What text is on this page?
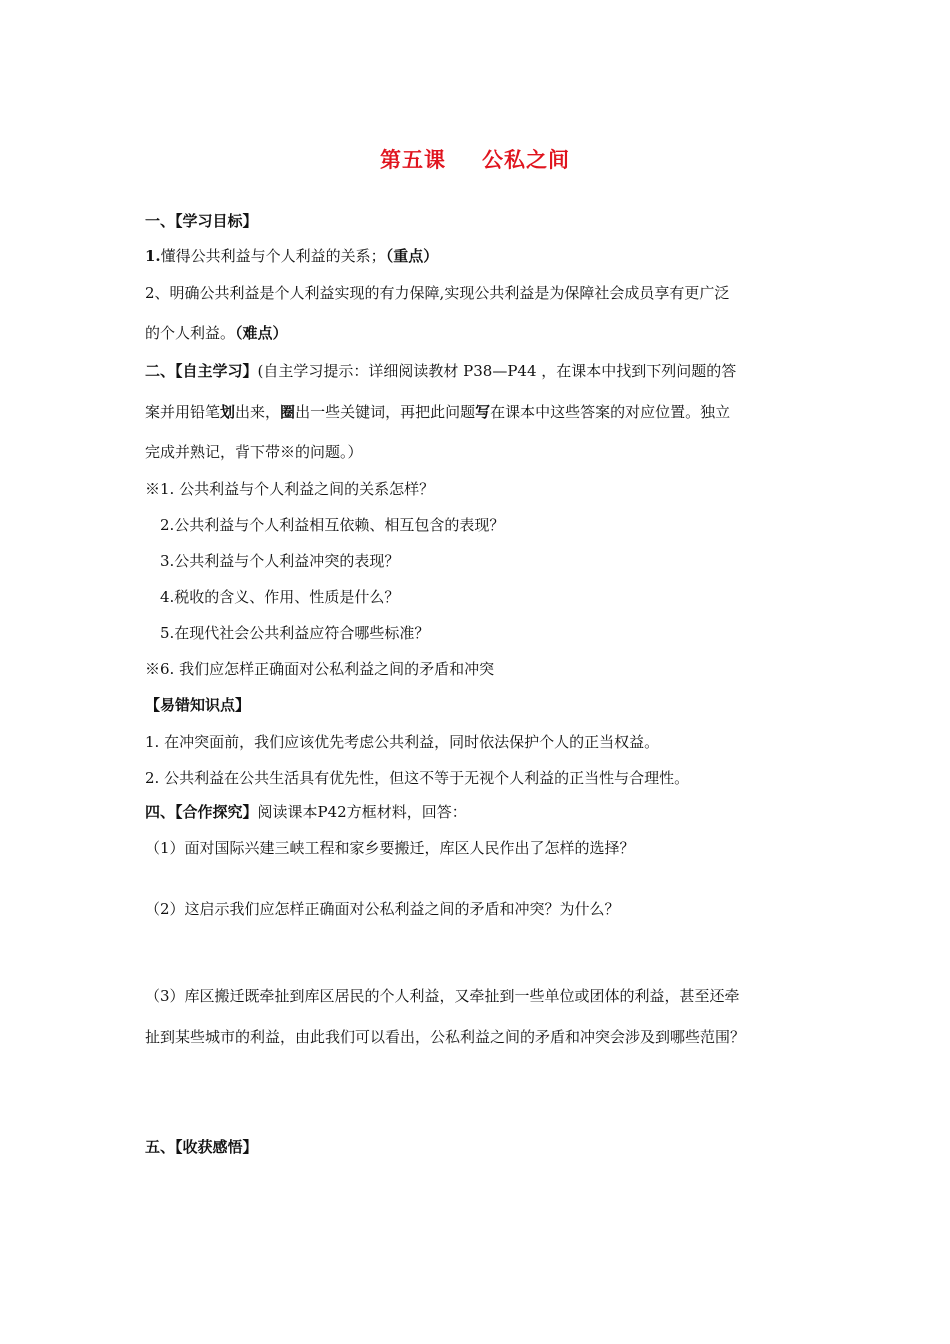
第五课 公私之间
一、【学习目标】
1.懂得公共利益与个人利益的关系；（重点）
2、明确公共利益是个人利益实现的有力保障,实现公共利益是为保障社会成员享有更广泛
的个人利益。（难点）
二、【自主学习】(自主学习提示：详细阅读教材 P38—P44 ，在课本中找到下列问题的答
案并用铅笔划出来，圈出一些关键词，再把此问题写在课本中这些答案的对应位置。独立
完成并熟记，背下带※的问题。）
※1. 公共利益与个人利益之间的关系怎样？
2.公共利益与个人利益相互依赖、相互包含的表现？
3.公共利益与个人利益冲突的表现？
4.税收的含义、作用、性质是什么？
5.在现代社会公共利益应符合哪些标准？
※6. 我们应怎样正确面对公私利益之间的矛盾和冲突
【易错知识点】
1. 在冲突面前，我们应该优先考虑公共利益，同时依法保护个人的正当权益。
2. 公共利益在公共生活具有优先性，但这不等于无视个人利益的正当性与合理性。
四、【合作探究】阅读课本P42方框材料，回答：
（1）面对国际兴建三峡工程和家乡要搬迁，库区人民作出了怎样的选择？
（2）这启示我们应怎样正确面对公私利益之间的矛盾和冲突？为什么？
（3）库区搬迁既牵扯到库区居民的个人利益，又牵扯到一些单位或团体的利益，甚至还牵
扯到某些城市的利益，由此我们可以看出，公私利益之间的矛盾和冲突会涉及到哪些范围？
五、【收获感悟】
